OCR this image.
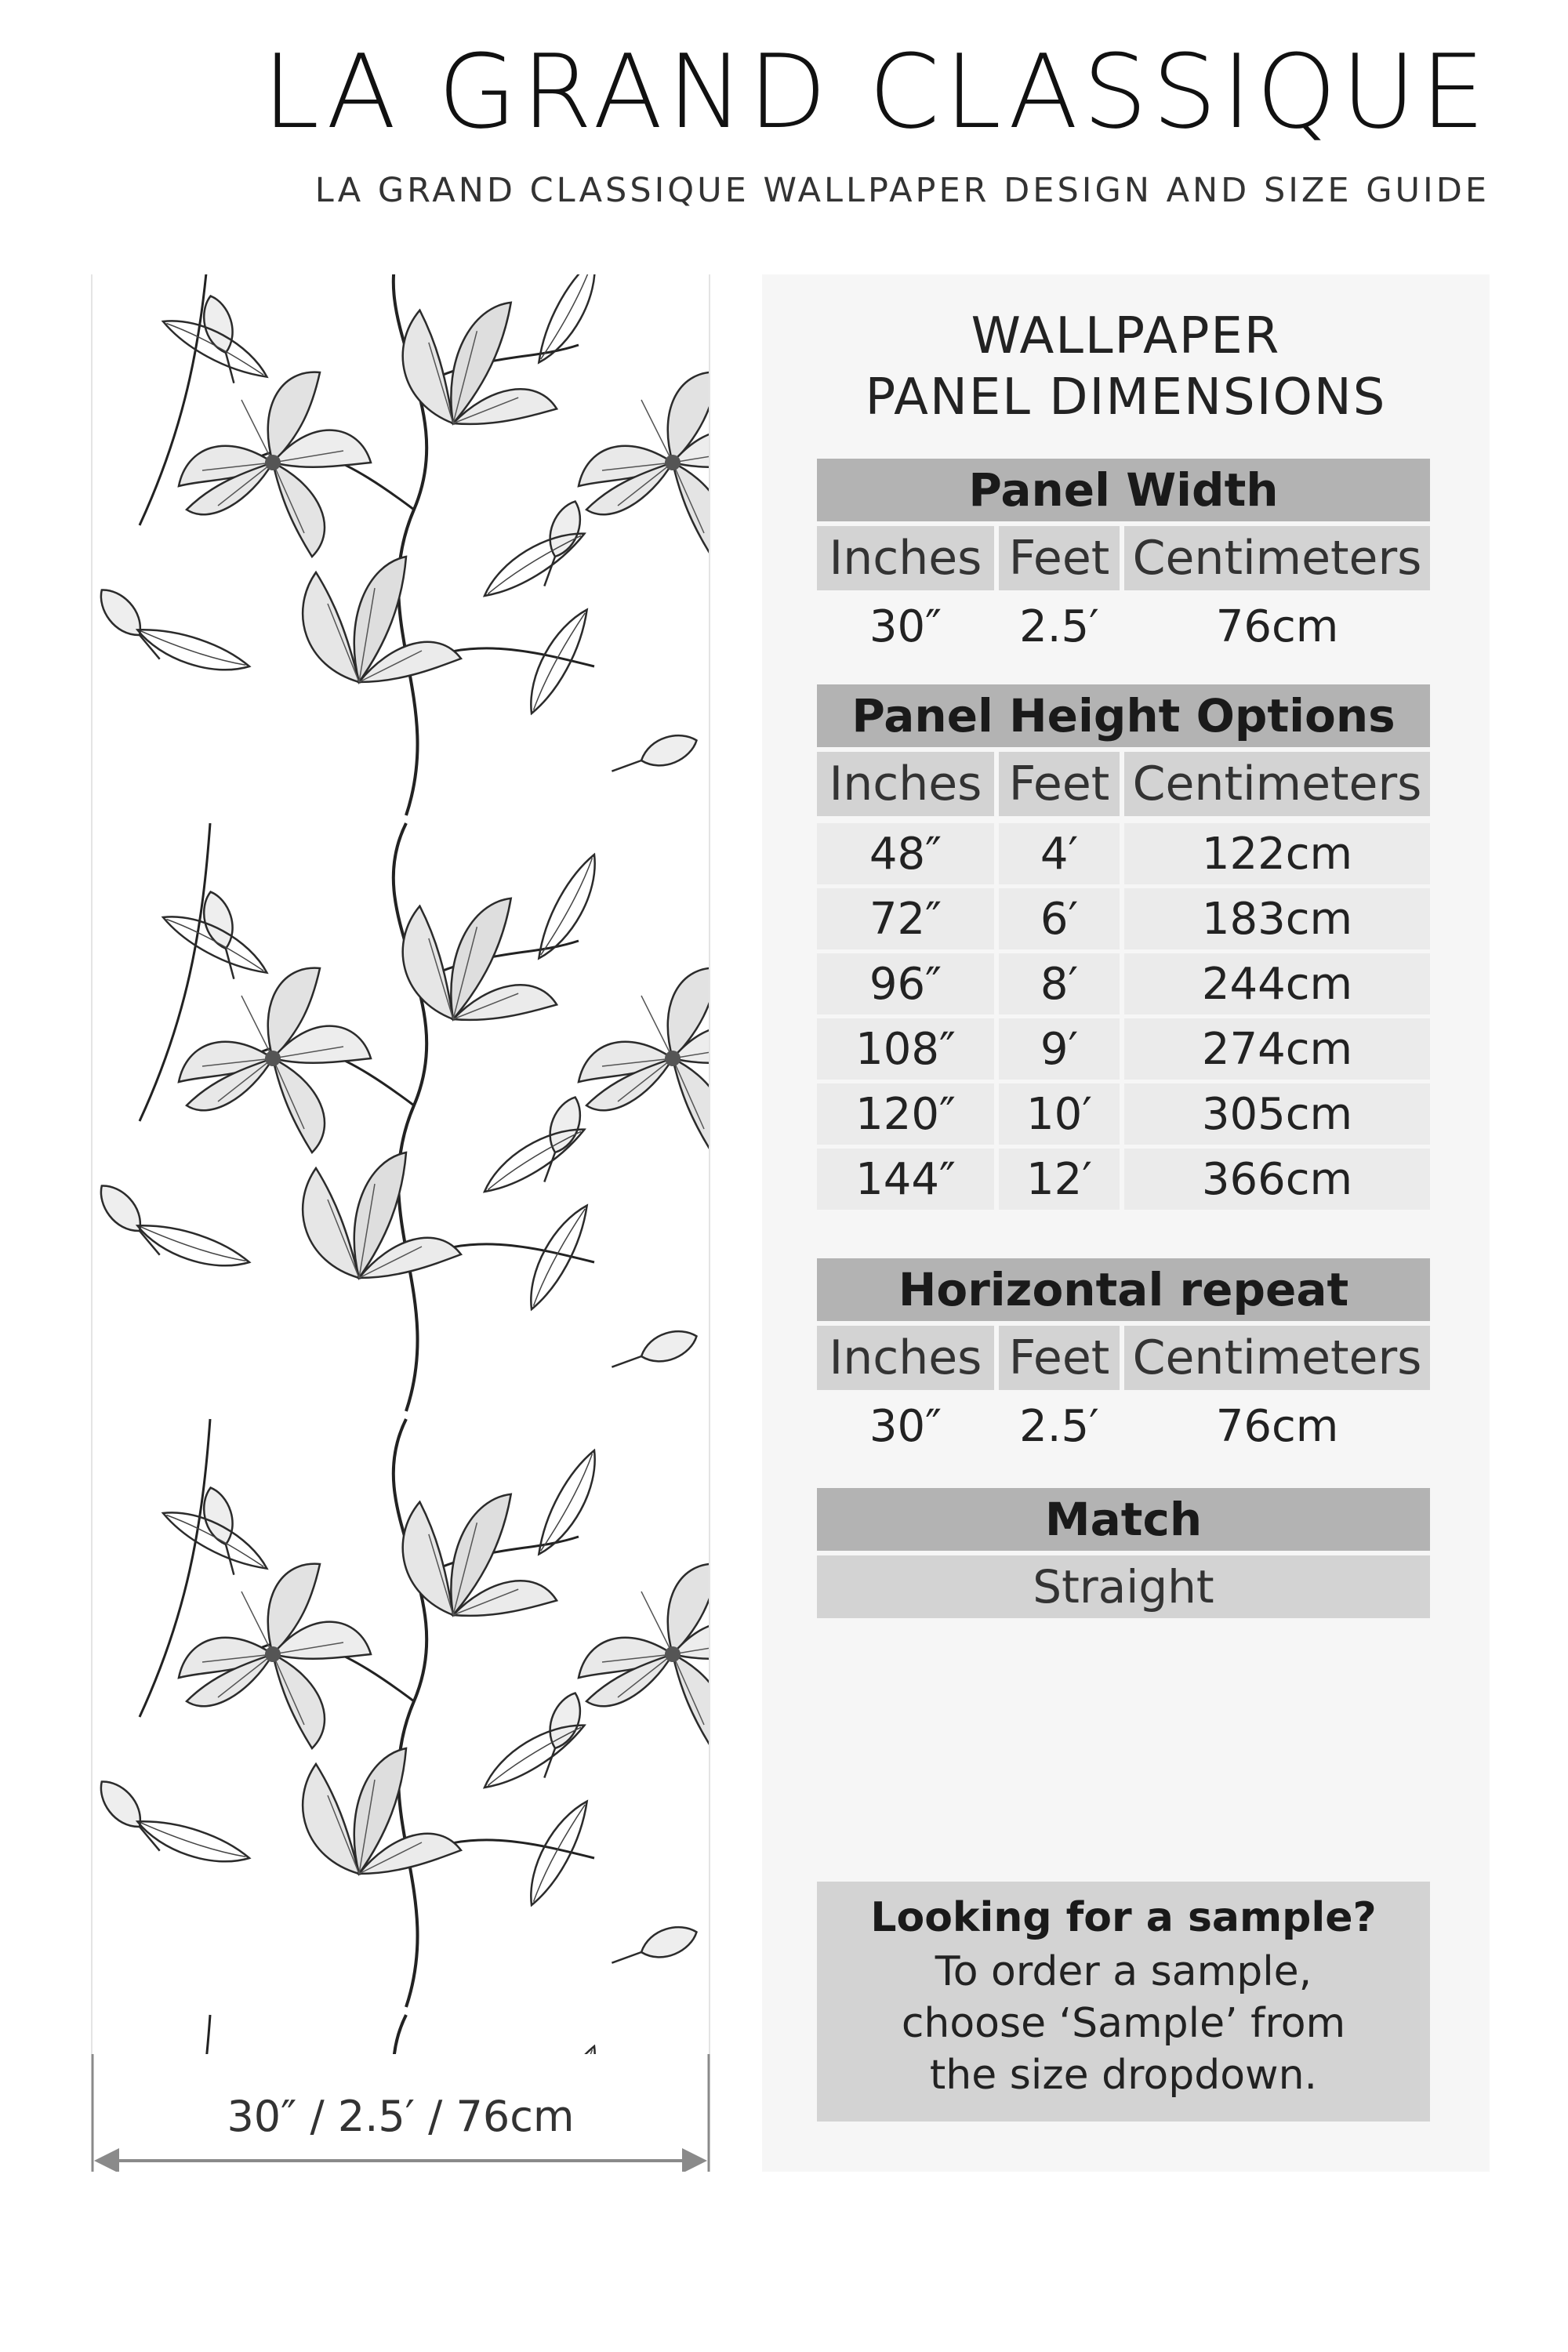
LA GRAND CLASSIQUE
LA GRAND CLASSIQUE WALLPAPER DESIGN AND SIZE GUIDE
30″ / 2.5′ / 76cm
WALLPAPER
PANEL DIMENSIONS
Panel Width
Inches Feet Centimeters
30″	2.5′	76cm
Panel Height Options
Inches Feet Centimeters
48″	4′	122cm
72″	6′	183cm
96″	8′	244cm
108″	9′	274cm
120″	10′	305cm
144″	12′	366cm
Horizontal repeat
Inches Feet Centimeters
30″	2.5′	76cm
Match
Straight
Looking for a sample?
To order a sample, choose ‘Sample’ from the size dropdown.
